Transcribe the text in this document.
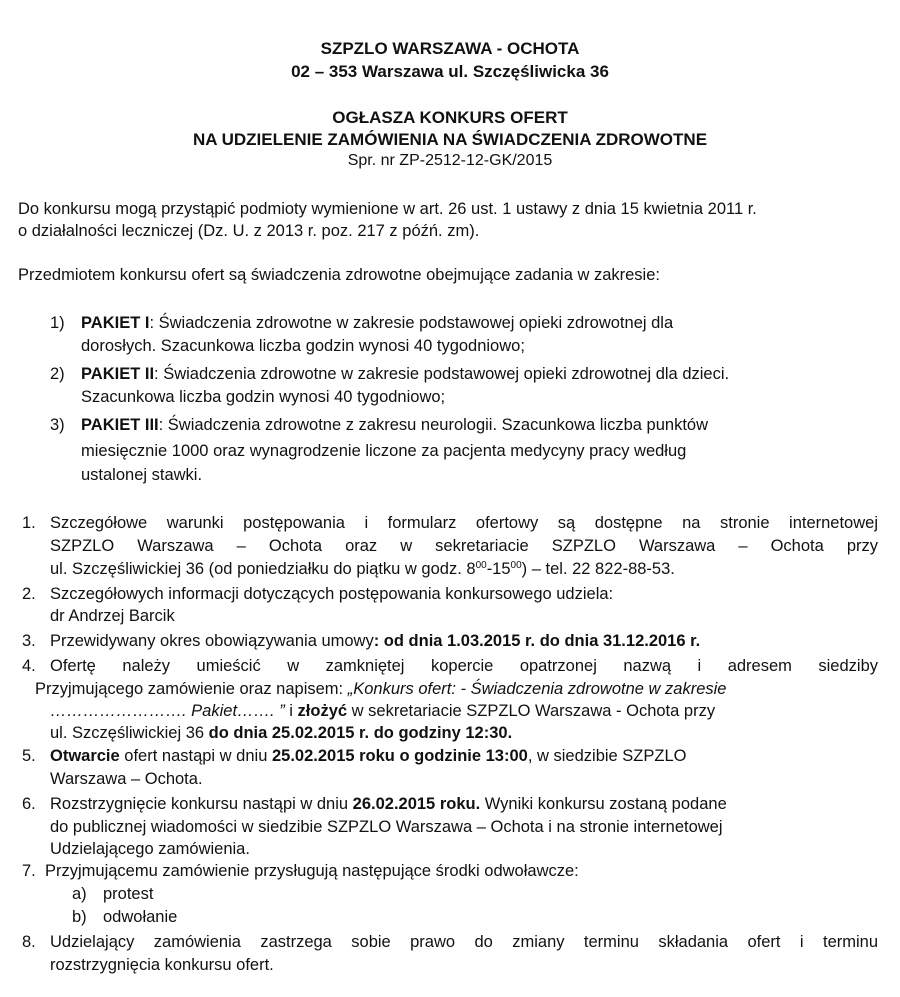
SZPZLO WARSZAWA - OCHOTA
02 – 353 Warszawa ul. Szczęśliwicka 36
OGŁASZA KONKURS OFERT
NA UDZIELENIE ZAMÓWIENIA NA ŚWIADCZENIA ZDROWOTNE
Spr. nr ZP-2512-12-GK/2015
Do konkursu mogą przystąpić podmioty wymienione w art. 26 ust. 1 ustawy z dnia 15 kwietnia 2011 r.
o działalności leczniczej (Dz. U. z 2013 r. poz. 217 z późń. zm).
Przedmiotem konkursu ofert są świadczenia zdrowotne obejmujące zadania w zakresie:
1) PAKIET I: Świadczenia zdrowotne w zakresie podstawowej opieki zdrowotnej dla
dorosłych. Szacunkowa liczba godzin wynosi 40 tygodniowo;
2) PAKIET II: Świadczenia zdrowotne w zakresie podstawowej opieki zdrowotnej dla dzieci.
Szacunkowa liczba godzin wynosi 40 tygodniowo;
3) PAKIET III: Świadczenia zdrowotne z zakresu neurologii. Szacunkowa liczba punktów
miesięcznie 1000 oraz wynagrodzenie liczone za pacjenta medycyny pracy według
ustalonej stawki.
1. Szczegółowe warunki postępowania i formularz ofertowy są dostępne na stronie internetowej
SZPZLO Warszawa – Ochota oraz w sekretariacie SZPZLO Warszawa – Ochota przy
ul. Szczęśliwickiej 36 (od poniedziałku do piątku w godz. $8^{00}-15^{00}$) – tel. 22 822-88-53.
2. Szczegółowych informacji dotyczących postępowania konkursowego udziela:
dr Andrzej Barcik
3. Przewidywany okres obowiązywania umowy: od dnia 1.03.2015 r. do dnia 31.12.2016 r.
4. Ofertę należy umieścić w zamkniętej kopercie opatrzonej nazwą i adresem siedziby
Przyjmującego zamówienie oraz napisem: „Konkurs ofert: - Świadczenia zdrowotne w zakresie
……………………. Pakiet……. ” i złożyć w sekretariacie SZPZLO Warszawa - Ochota przy
ul. Szczęśliwickiej 36 do dnia 25.02.2015 r. do godziny 12:30.
5. Otwarcie ofert nastąpi w dniu 25.02.2015 roku o godzinie 13:00, w siedzibie SZPZLO
Warszawa – Ochota.
6. Rozstrzygnięcie konkursu nastąpi w dniu 26.02.2015 roku. Wyniki konkursu zostaną podane
do publicznej wiadomości w siedzibie SZPZLO Warszawa – Ochota i na stronie internetowej
Udzielającego zamówienia.
7. Przyjmującemu zamówienie przysługują następujące środki odwoławcze:
a) protest
b) odwołanie
8. Udzielający zamówienia zastrzega sobie prawo do zmiany terminu składania ofert i terminu
rozstrzygnięcia konkursu ofert.
